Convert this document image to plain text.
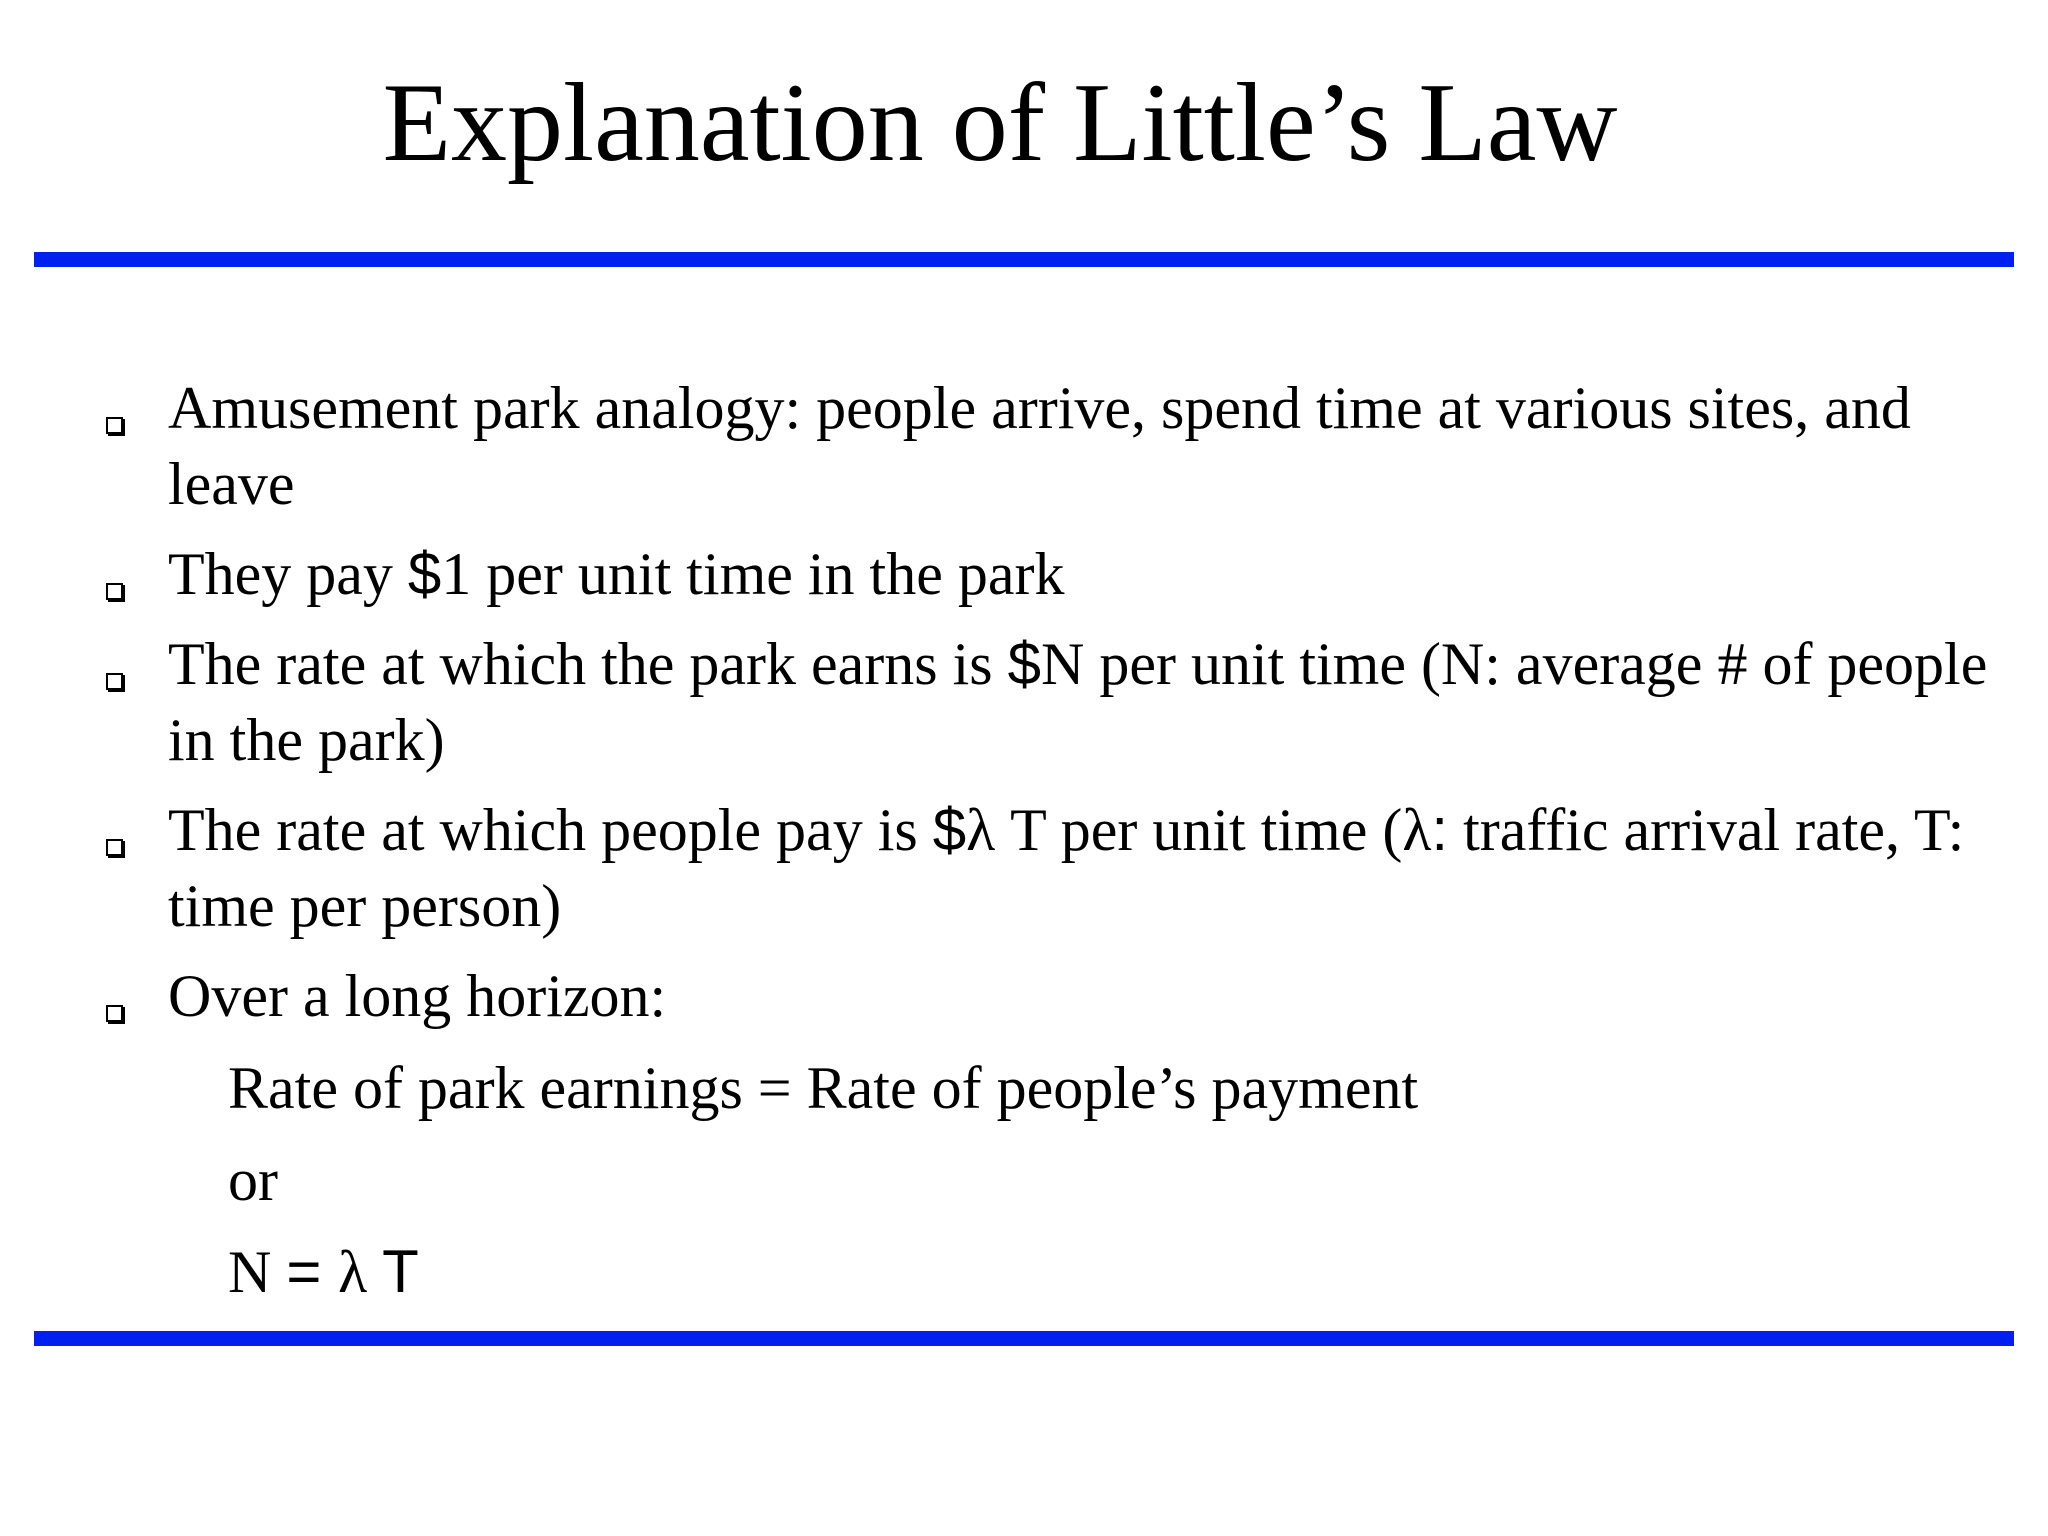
Explanation of Little’s Law
Amusement park analogy: people arrive, spend time at various sites, and leave
They pay $1 per unit time in the park
The rate at which the park earns is $N per unit time (N: average # of people in the park)
The rate at which people pay is $λ T per unit time (λ: traffic arrival rate, T: time per person)
Over a long horizon:
Rate of park earnings = Rate of people’s payment
or
N = λ T
